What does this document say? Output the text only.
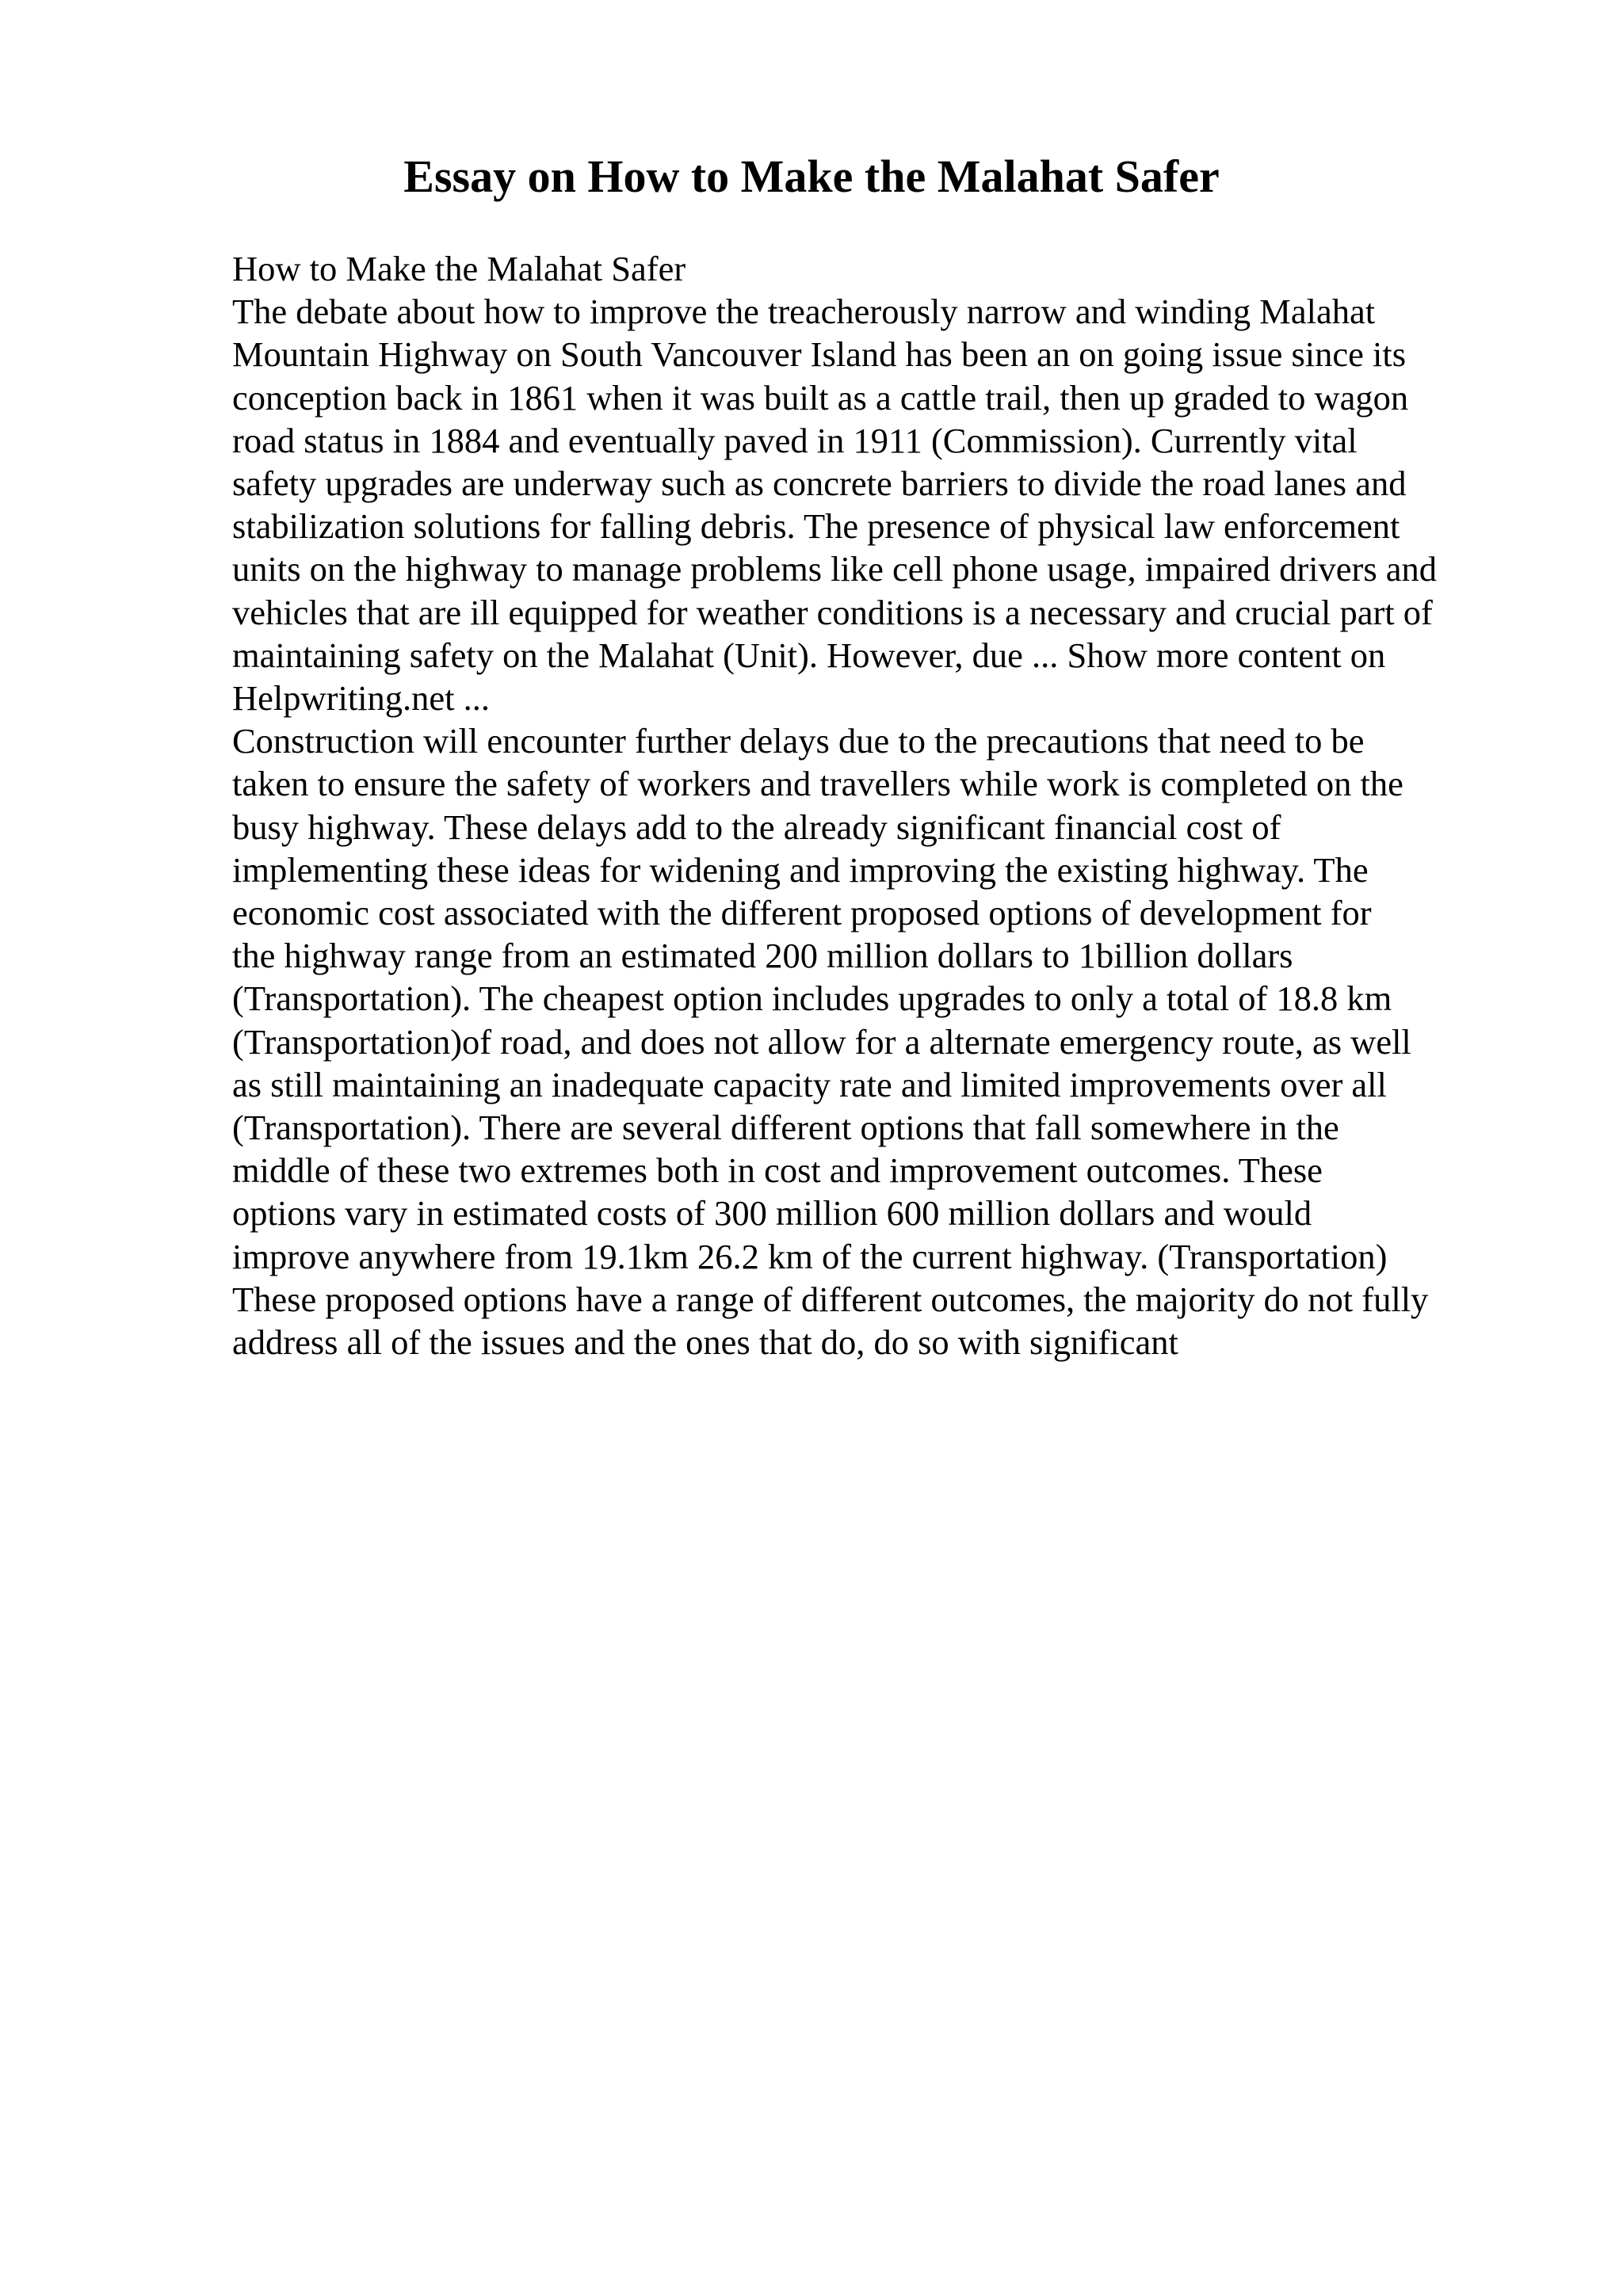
Essay on How to Make the Malahat Safer
How to Make the Malahat Safer
The debate about how to improve the treacherously narrow and winding Malahat
Mountain Highway on South Vancouver Island has been an on going issue since its
conception back in 1861 when it was built as a cattle trail, then up graded to wagon
road status in 1884 and eventually paved in 1911 (Commission). Currently vital
safety upgrades are underway such as concrete barriers to divide the road lanes and
stabilization solutions for falling debris. The presence of physical law enforcement
units on the highway to manage problems like cell phone usage, impaired drivers and
vehicles that are ill equipped for weather conditions is a necessary and crucial part of
maintaining safety on the Malahat (Unit). However, due ... Show more content on
Helpwriting.net ...
Construction will encounter further delays due to the precautions that need to be
taken to ensure the safety of workers and travellers while work is completed on the
busy highway. These delays add to the already significant financial cost of
implementing these ideas for widening and improving the existing highway. The
economic cost associated with the different proposed options of development for
the highway range from an estimated 200 million dollars to 1billion dollars
(Transportation). The cheapest option includes upgrades to only a total of 18.8 km
(Transportation)of road, and does not allow for a alternate emergency route, as well
as still maintaining an inadequate capacity rate and limited improvements over all
(Transportation). There are several different options that fall somewhere in the
middle of these two extremes both in cost and improvement outcomes. These
options vary in estimated costs of 300 million 600 million dollars and would
improve anywhere from 19.1km 26.2 km of the current highway. (Transportation)
These proposed options have a range of different outcomes, the majority do not fully
address all of the issues and the ones that do, do so with significant
